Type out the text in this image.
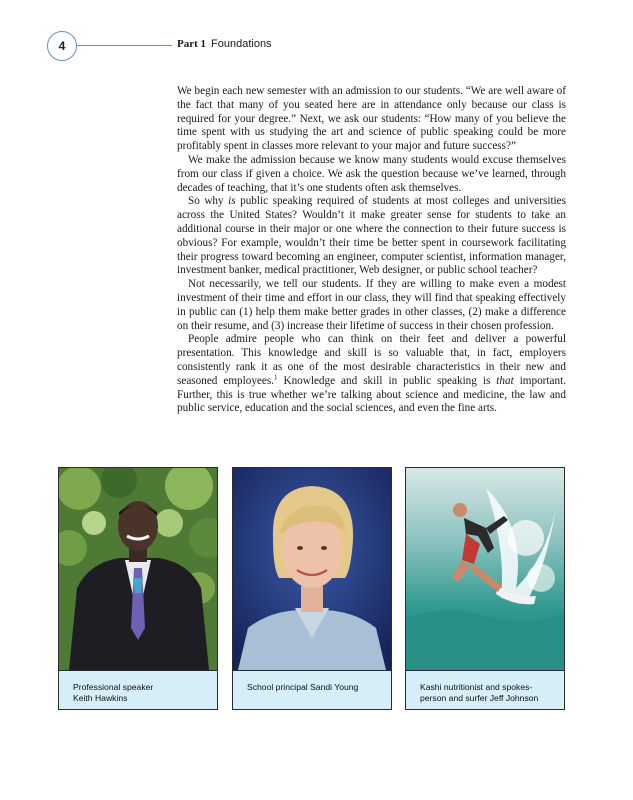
4	Part 1 Foundations

We begin each new semester with an admission to our students. “We are well aware of the fact that many of you seated here are in attendance only because our class is required for your degree.” Next, we ask our students: “How many of you believe the time spent with us studying the art and science of public speaking could be more profitably spent in classes more relevant to your major and future success?”

We make the admission because we know many students would excuse themselves from our class if given a choice. We ask the question because we’ve learned, through decades of teaching, that it’s one students often ask themselves.

So why is public speaking required of students at most colleges and universities across the United States? Wouldn’t it make greater sense for students to take an additional course in their major or one where the connection to their future success is obvious? For example, wouldn’t their time be better spent in coursework facilitating their progress toward becoming an engineer, computer scientist, information manager, investment banker, medical practitioner, Web designer, or public school teacher?

Not necessarily, we tell our students. If they are willing to make even a modest investment of their time and effort in our class, they will find that speaking effectively in public can (1) help them make better grades in other classes, (2) make a difference on their resume, and (3) increase their lifetime of success in their chosen profession.

People admire people who can think on their feet and deliver a powerful presentation. This knowledge and skill is so valuable that, in fact, employers consistently rank it as one of the most desirable characteristics in their new and seasoned employees.$^1$ Knowledge and skill in public speaking is that important. Further, this is true whether we’re talking about science and medicine, the law and public service, education and the social sciences, and even the fine arts.

Professional speaker
Keith Hawkins
School principal Sandi Young	Kashi nutritionist and spokes-
person and surfer Jeff Johnson
